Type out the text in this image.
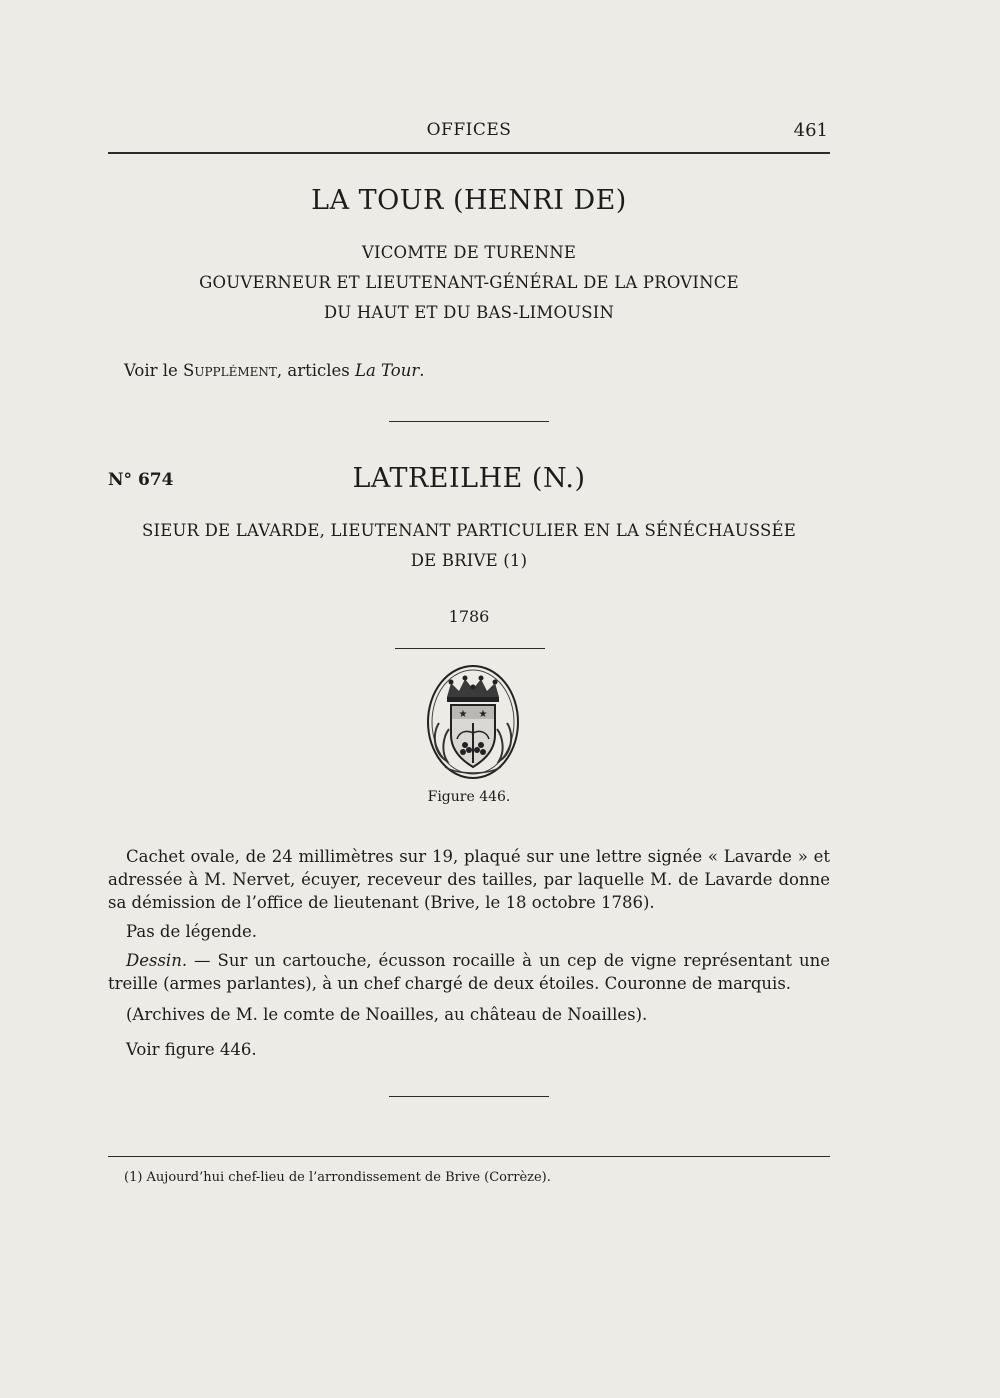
OFFICES	461
LA TOUR (HENRI DE)
VICOMTE DE TURENNE
GOUVERNEUR ET LIEUTENANT-GÉNÉRAL DE LA PROVINCE
DU HAUT ET DU BAS-LIMOUSIN
Voir le Supplément, articles La Tour.
N° 674	LATREILHE (N.)
SIEUR DE LAVARDE, LIEUTENANT PARTICULIER EN LA SÉNÉCHAUSSÉE
DE BRIVE (1)
1786
★ ★
Figure 446.
Cachet ovale, de 24 millimètres sur 19, plaqué sur une lettre signée « Lavarde » et adressée à M. Nervet, écuyer, receveur des tailles, par laquelle M. de Lavarde donne sa démission de l’office de lieutenant (Brive, le 18 octobre 1786).
Pas de légende.
Dessin. — Sur un cartouche, écusson rocaille à un cep de vigne représentant une treille (armes parlantes), à un chef chargé de deux étoiles. Couronne de marquis.
(Archives de M. le comte de Noailles, au château de Noailles).
Voir figure 446.
(1) Aujourd’hui chef-lieu de l’arrondissement de Brive (Corrèze).
